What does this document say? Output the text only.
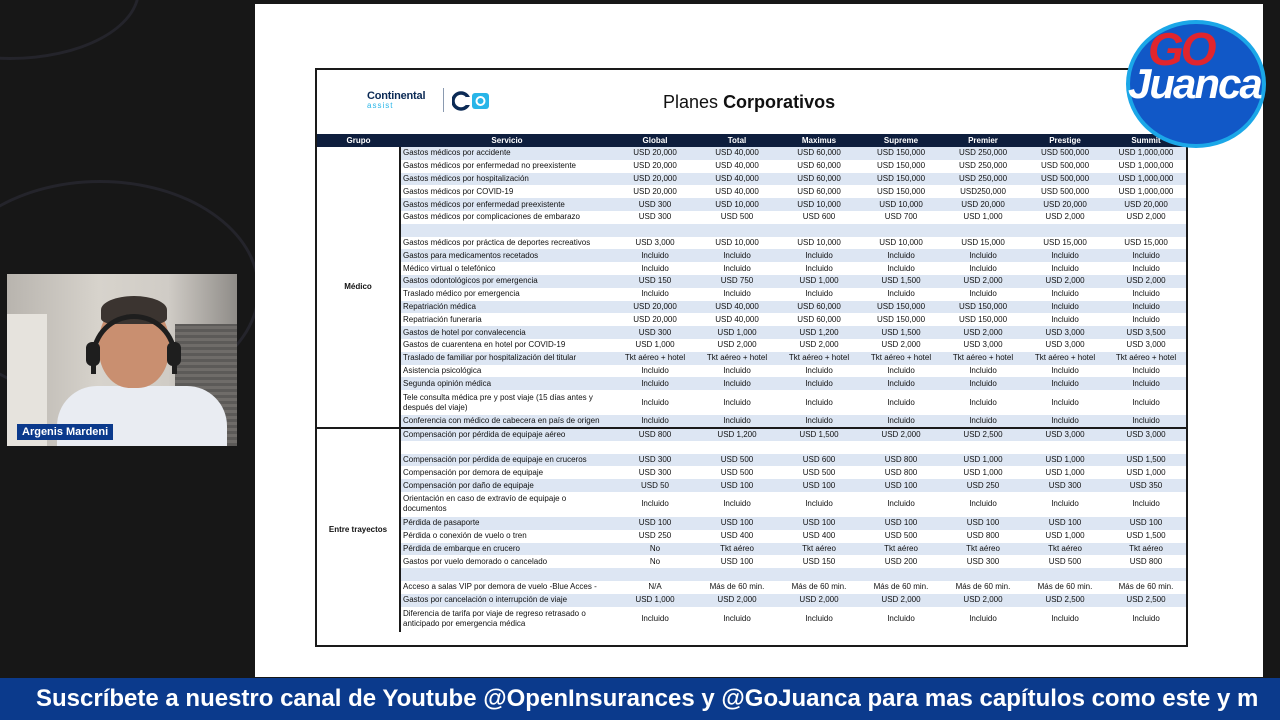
Continental
assist	Planes Corporativos
Grupo	Servicio	Global	Total	Maximus	Supreme	Premier	Prestige	Summit
Médico	Gastos médicos por accidente	USD 20,000	USD 40,000	USD 60,000	USD 150,000	USD 250,000	USD 500,000	USD 1,000,000
	Gastos médicos por enfermedad no preexistente	USD 20,000	USD 40,000	USD 60,000	USD 150,000	USD 250,000	USD 500,000	USD 1,000,000
	Gastos médicos por hospitalización	USD 20,000	USD 40,000	USD 60,000	USD 150,000	USD 250,000	USD 500,000	USD 1,000,000
	Gastos médicos por COVID-19	USD 20,000	USD 40,000	USD 60,000	USD 150,000	USD250,000	USD 500,000	USD 1,000,000
	Gastos médicos por enfermedad preexistente	USD 300	USD 10,000	USD 10,000	USD 10,000	USD 20,000	USD 20,000	USD 20,000
	Gastos médicos por complicaciones de embarazo	USD 300	USD 500	USD 600	USD 700	USD 1,000	USD 2,000	USD 2,000

	Gastos médicos por práctica de deportes recreativos	USD 3,000	USD 10,000	USD 10,000	USD 10,000	USD 15,000	USD 15,000	USD 15,000
	Gastos para medicamentos recetados	Incluido	Incluido	Incluido	Incluido	Incluido	Incluido	Incluido
	Médico virtual o telefónico	Incluido	Incluido	Incluido	Incluido	Incluido	Incluido	Incluido
	Gastos odontológicos por emergencia	USD 150	USD 750	USD 1,000	USD 1,500	USD 2,000	USD 2,000	USD 2,000
	Traslado médico por emergencia	Incluido	Incluido	Incluido	Incluido	Incluido	Incluido	Incluido
	Repatriación médica	USD 20,000	USD 40,000	USD 60,000	USD 150,000	USD 150,000	Incluido	Incluido
	Repatriación funeraria	USD 20,000	USD 40,000	USD 60,000	USD 150,000	USD 150,000	Incluido	Incluido
	Gastos de hotel por convalecencia	USD 300	USD 1,000	USD 1,200	USD 1,500	USD 2,000	USD 3,000	USD 3,500
	Gastos de cuarentena en hotel por COVID-19	USD 1,000	USD 2,000	USD 2,000	USD 2,000	USD 3,000	USD 3,000	USD 3,000
	Traslado de familiar por hospitalización del titular	Tkt aéreo + hotel	Tkt aéreo + hotel	Tkt aéreo + hotel	Tkt aéreo + hotel	Tkt aéreo + hotel	Tkt aéreo + hotel	Tkt aéreo + hotel
	Asistencia psicológica	Incluido	Incluido	Incluido	Incluido	Incluido	Incluido	Incluido
	Segunda opinión médica	Incluido	Incluido	Incluido	Incluido	Incluido	Incluido	Incluido
	Tele consulta médica pre y post viaje (15 días antes y después del viaje)	Incluido	Incluido	Incluido	Incluido	Incluido	Incluido	Incluido
	Conferencia con médico de cabecera en país de origen	Incluido	Incluido	Incluido	Incluido	Incluido	Incluido	Incluido
Entre trayectos	Compensación por pérdida de equipaje aéreo	USD 800	USD 1,200	USD 1,500	USD 2,000	USD 2,500	USD 3,000	USD 3,000

	Compensación por pérdida de equipaje en cruceros	USD 300	USD 500	USD 600	USD 800	USD 1,000	USD 1,000	USD 1,500
	Compensación por demora de equipaje	USD 300	USD 500	USD 500	USD 800	USD 1,000	USD 1,000	USD 1,000
	Compensación por daño de equipaje	USD 50	USD 100	USD 100	USD 100	USD 250	USD 300	USD 350
	Orientación en caso de extravío de equipaje o documentos	Incluido	Incluido	Incluido	Incluido	Incluido	Incluido	Incluido
	Pérdida de pasaporte	USD 100	USD 100	USD 100	USD 100	USD 100	USD 100	USD 100
	Pérdida o conexión de vuelo o tren	USD 250	USD 400	USD 400	USD 500	USD 800	USD 1,000	USD 1,500
	Pérdida de embarque en crucero	No	Tkt aéreo	Tkt aéreo	Tkt aéreo	Tkt aéreo	Tkt aéreo	Tkt aéreo
	Gastos por vuelo demorado o cancelado	No	USD 100	USD 150	USD 200	USD 300	USD 500	USD 800

	Acceso a salas VIP por demora de vuelo -Blue Acces -	N/A	Más de 60 min.	Más de 60 min.	Más de 60 min.	Más de 60 min.	Más de 60 min.	Más de 60 min.
	Gastos por cancelación o interrupción de viaje	USD 1,000	USD 2,000	USD 2,000	USD 2,000	USD 2,000	USD 2,500	USD 2,500
	Diferencia de tarifa por viaje de regreso retrasado o anticipado por emergencia médica	Incluido	Incluido	Incluido	Incluido	Incluido	Incluido	Incluido
Argenis Mardeni
GO
Juanca
Suscríbete a nuestro canal de Youtube @OpenInsurances y @GoJuanca para mas capítulos como este y m
